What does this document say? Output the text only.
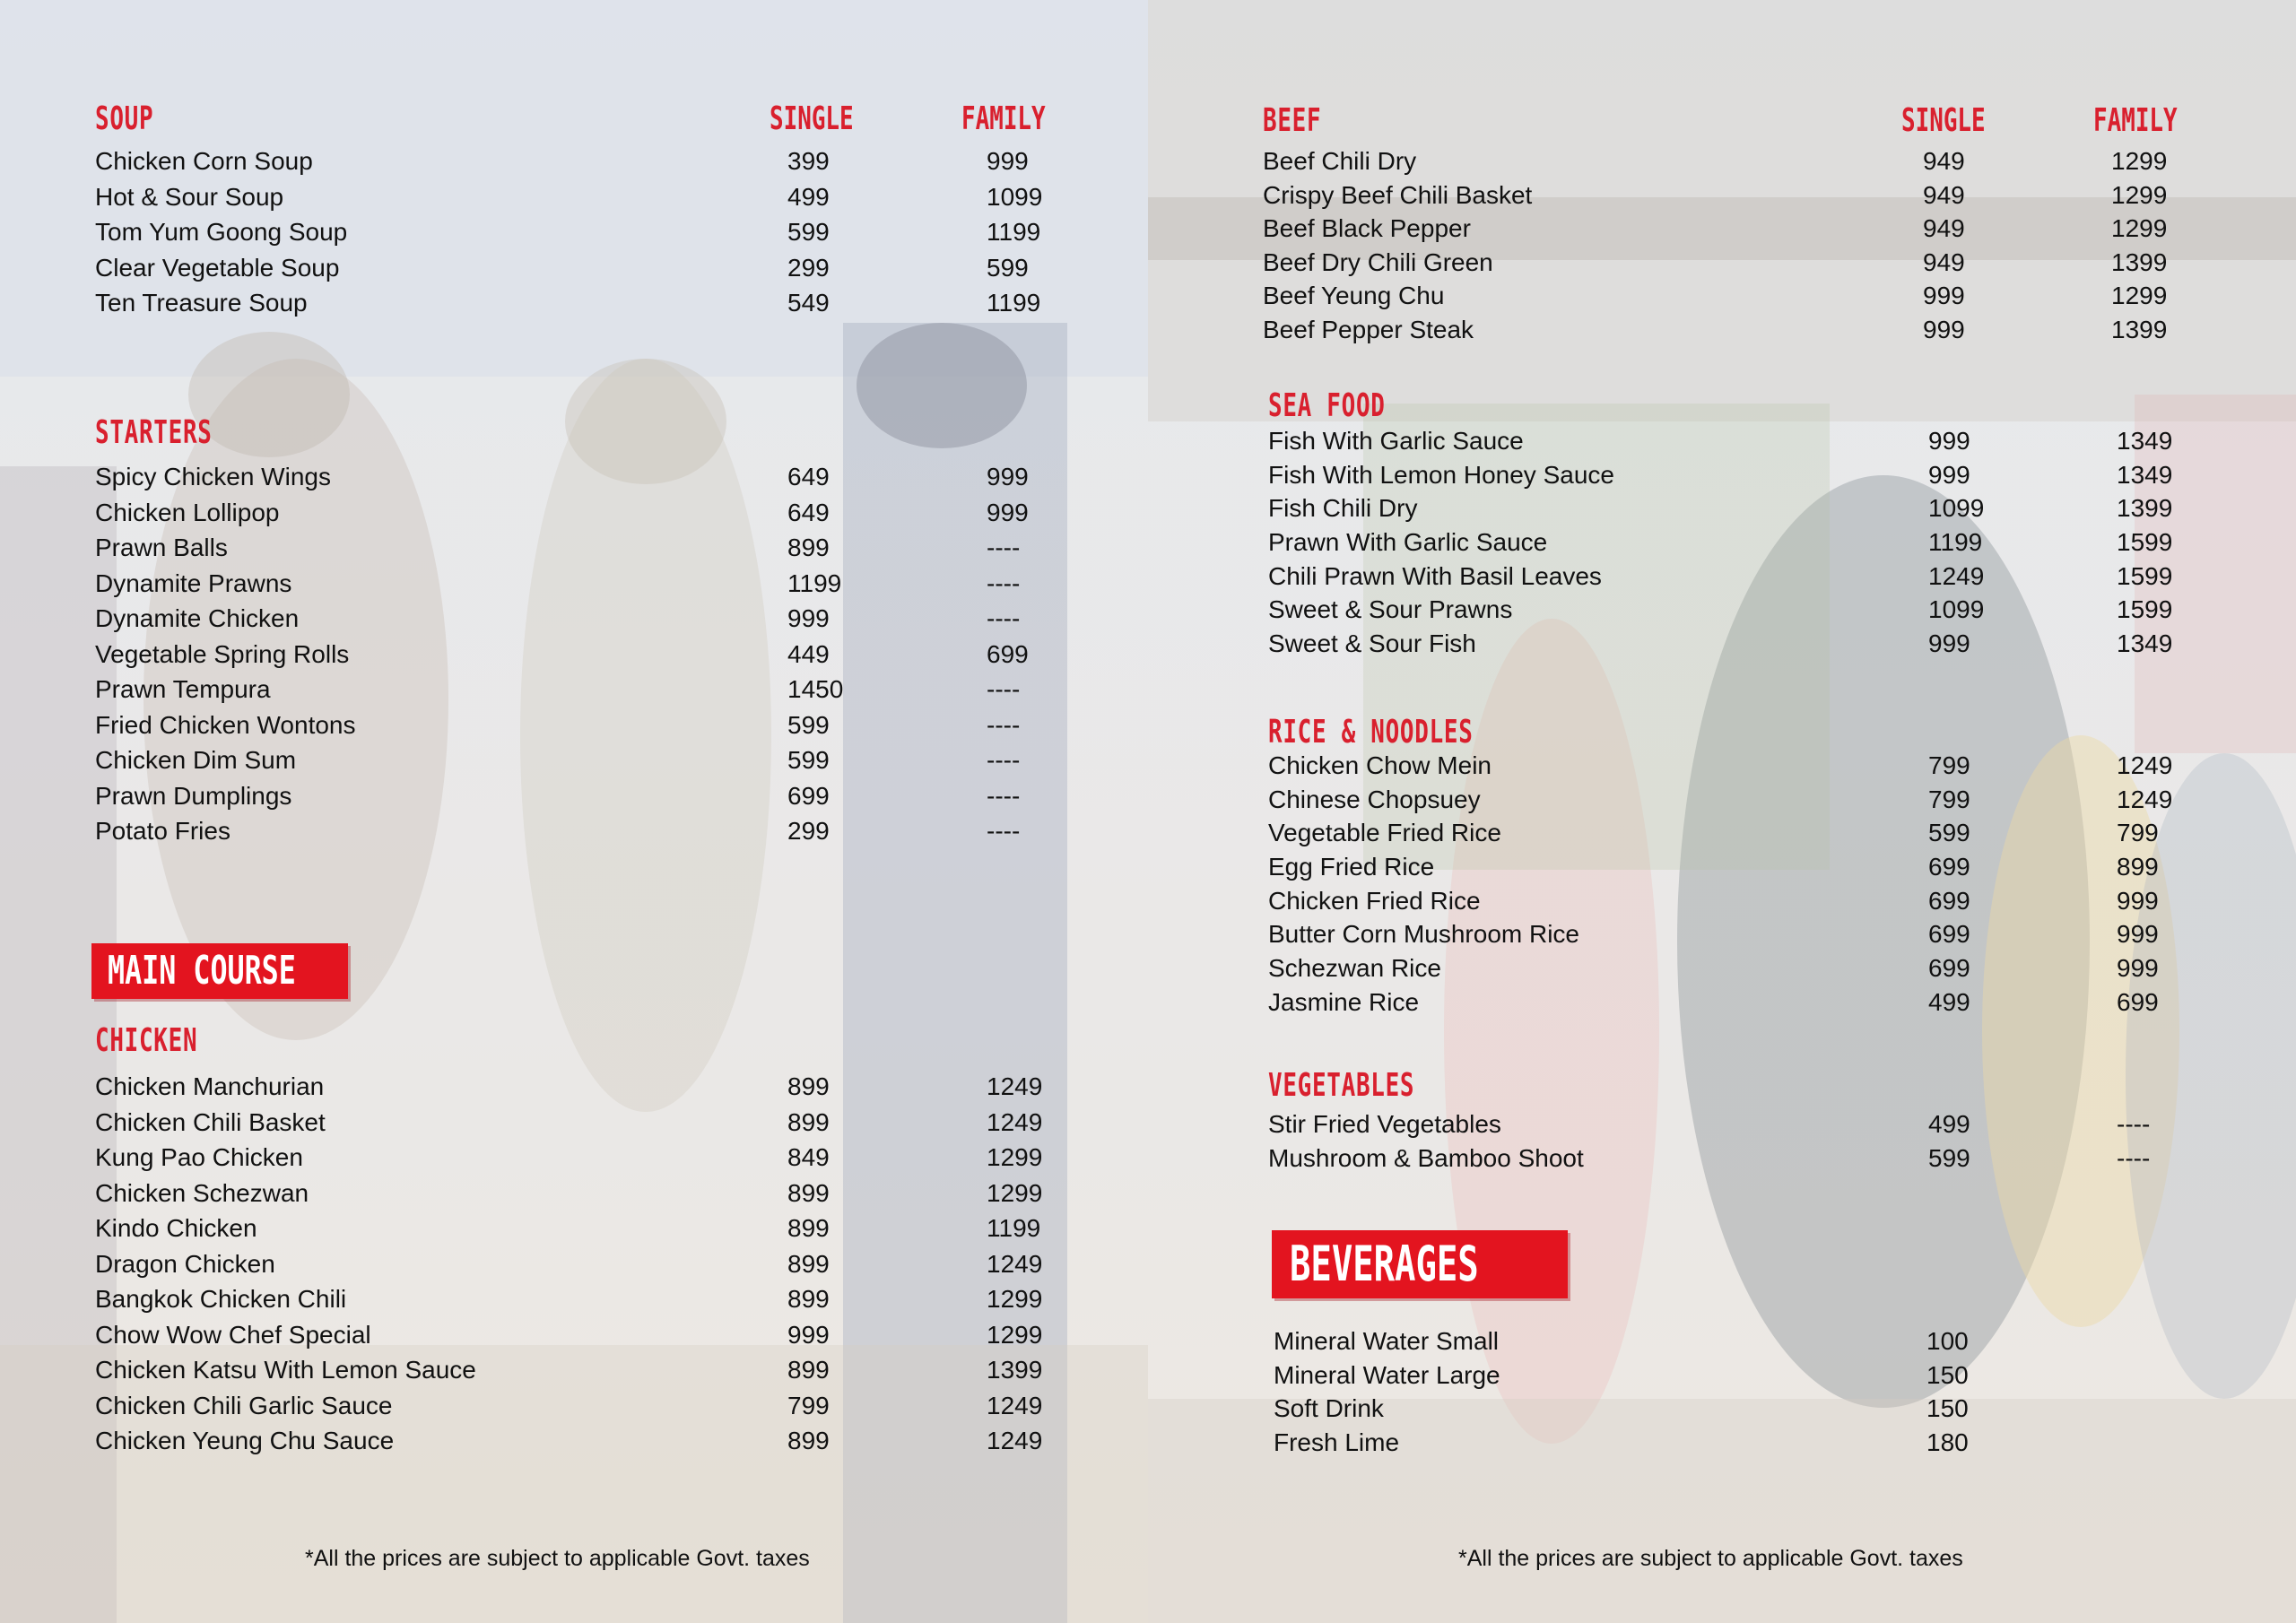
SOUP	SINGLE	FAMILY
Chicken Corn Soup	399	999
Hot & Sour Soup	499	1099
Tom Yum Goong Soup	599	1199
Clear Vegetable Soup	299	599
Ten Treasure Soup	549	1199
STARTERS
Spicy Chicken Wings	649	999
Chicken Lollipop	649	999
Prawn Balls	899	----
Dynamite Prawns	1199	----
Dynamite Chicken	999	----
Vegetable Spring Rolls	449	699
Prawn Tempura	1450	----
Fried Chicken Wontons	599	----
Chicken Dim Sum	599	----
Prawn Dumplings	699	----
Potato Fries	299	----
MAIN COURSE
CHICKEN
Chicken Manchurian	899	1249
Chicken Chili Basket	899	1249
Kung Pao Chicken	849	1299
Chicken Schezwan	899	1299
Kindo Chicken	899	1199
Dragon Chicken	899	1249
Bangkok Chicken Chili	899	1299
Chow Wow Chef Special	999	1299
Chicken Katsu With Lemon Sauce	899	1399
Chicken Chili Garlic Sauce	799	1249
Chicken Yeung Chu Sauce	899	1249
*All the prices are subject to applicable Govt. taxes
BEEF	SINGLE	FAMILY
Beef Chili Dry	949	1299
Crispy Beef Chili Basket	949	1299
Beef Black Pepper	949	1299
Beef Dry Chili Green	949	1399
Beef Yeung Chu	999	1299
Beef Pepper Steak	999	1399
SEA FOOD
Fish With Garlic Sauce	999	1349
Fish With Lemon Honey Sauce	999	1349
Fish Chili Dry	1099	1399
Prawn With Garlic Sauce	1199	1599
Chili Prawn With Basil Leaves	1249	1599
Sweet & Sour Prawns	1099	1599
Sweet & Sour Fish	999	1349
RICE & NOODLES
Chicken Chow Mein	799	1249
Chinese Chopsuey	799	1249
Vegetable Fried Rice	599	799
Egg Fried Rice	699	899
Chicken Fried Rice	699	999
Butter Corn Mushroom Rice	699	999
Schezwan Rice	699	999
Jasmine Rice	499	699
VEGETABLES
Stir Fried Vegetables	499	----
Mushroom & Bamboo Shoot	599	----
BEVERAGES
Mineral Water Small	100
Mineral Water Large	150
Soft Drink	150
Fresh Lime	180
*All the prices are subject to applicable Govt. taxes
